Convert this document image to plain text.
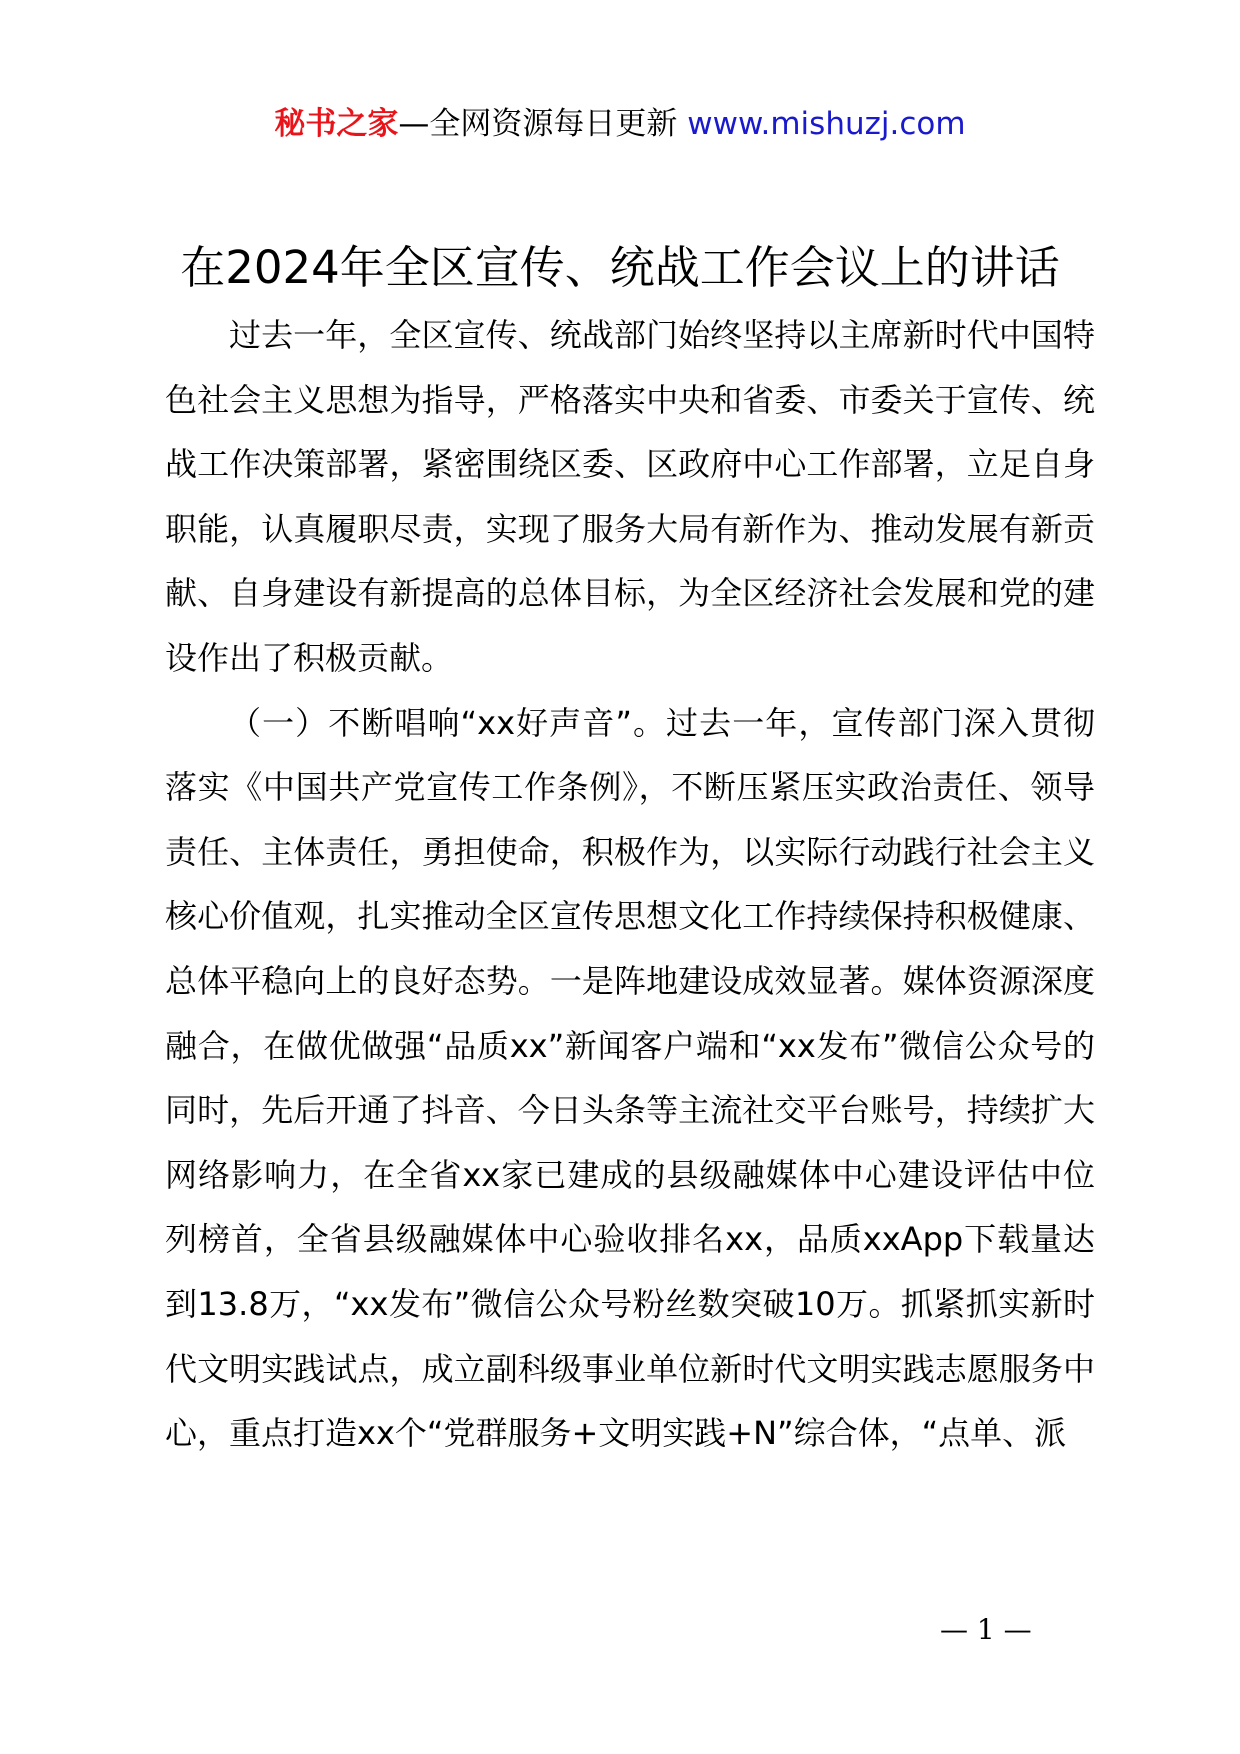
秘书之家—全网资源每日更新 www.mishuzj.com
在2024年全区宣传、统战工作会议上的讲话

过去一年，全区宣传、统战部门始终坚持以主席新时代中国特色社会主义思想为指导，严格落实中央和省委、市委关于宣传、统战工作决策部署，紧密围绕区委、区政府中心工作部署，立足自身职能，认真履职尽责，实现了服务大局有新作为、推动发展有新贡献、自身建设有新提高的总体目标，为全区经济社会发展和党的建设作出了积极贡献。

（一）不断唱响“xx好声音”。过去一年，宣传部门深入贯彻落实《中国共产党宣传工作条例》，不断压紧压实政治责任、领导责任、主体责任，勇担使命，积极作为，以实际行动践行社会主义核心价值观，扎实推动全区宣传思想文化工作持续保持积极健康、总体平稳向上的良好态势。一是阵地建设成效显著。媒体资源深度融合，在做优做强“品质xx”新闻客户端和“xx发布”微信公众号的同时，先后开通了抖音、今日头条等主流社交平台账号，持续扩大网络影响力，在全省xx家已建成的县级融媒体中心建设评估中位列榜首，全省县级融媒体中心验收排名xx，品质xxApp下载量达到13.8万，“xx发布”微信公众号粉丝数突破10万。抓紧抓实新时代文明实践试点，成立副科级事业单位新时代文明实践志愿服务中心，重点打造xx个“党群服务+文明实践+N”综合体，“点单、派

— 1 —
